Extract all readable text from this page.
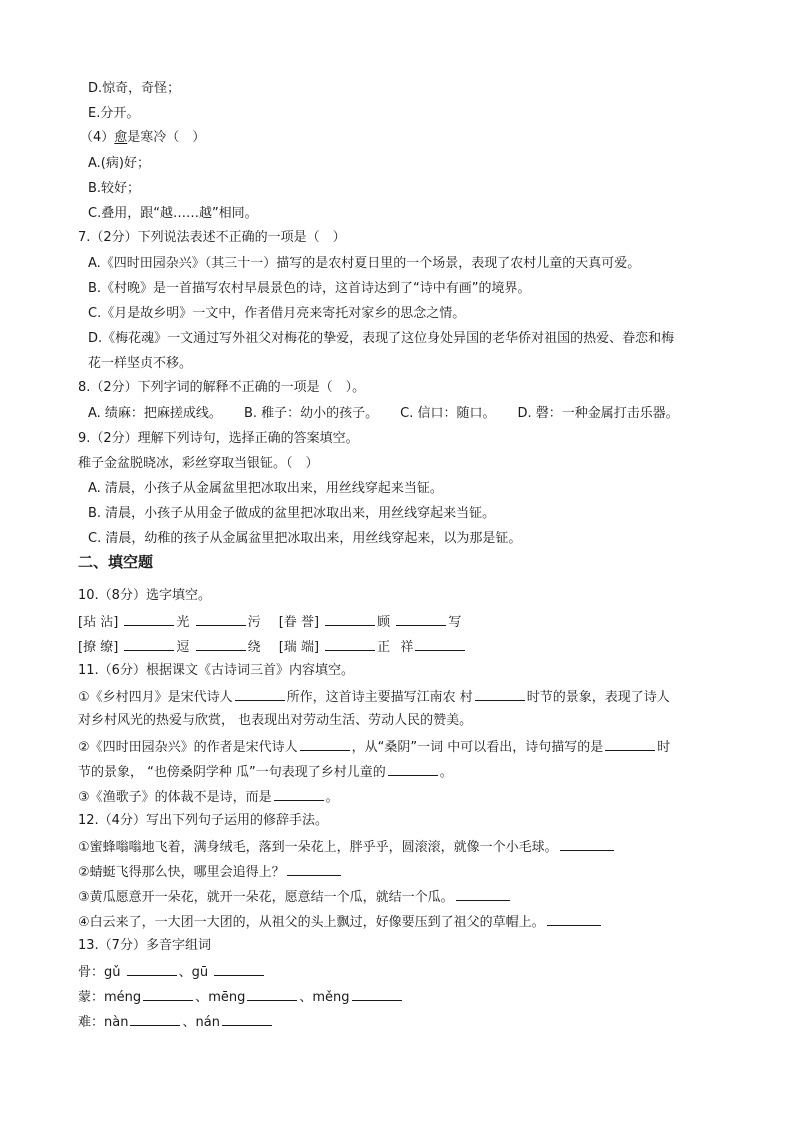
D.惊奇，奇怪；
E.分开。
（4）愈是寒冷（　）
A.(病)好；
B.较好；
C.叠用，跟“越……越”相同。
7.（2分）下列说法表述不正确的一项是（　）
A.《四时田园杂兴》（其三十一）描写的是农村夏日里的一个场景，表现了农村儿童的天真可爱。
B.《村晚》是一首描写农村早晨景色的诗，这首诗达到了“诗中有画”的境界。
C.《月是故乡明》一文中，作者借月亮来寄托对家乡的思念之情。
D.《梅花魂》一文通过写外祖父对梅花的挚爱，表现了这位身处异国的老华侨对祖国的热爱、眷恋和梅
花一样坚贞不移。
8.（2分）下列字词的解释不正确的一项是（　）。
A. 绩麻：把麻搓成线。 B. 稚子：幼小的孩子。 C. 信口：随口。 D. 磬：一种金属打击乐器。
9.（2分）理解下列诗句，选择正确的答案填空。
稚子金盆脱晓冰，彩丝穿取当银钲。（　）
A. 清晨，小孩子从金属盆里把冰取出来，用丝线穿起来当钲。
B. 清晨，小孩子从用金子做成的盆里把冰取出来，用丝线穿起来当钲。
C. 清晨，幼稚的孩子从金属盆里把冰取出来，用丝线穿起来，以为那是钲。
二、填空题
10.（8分）选字填空。
[玷 沾]	光	污 [眷 誉]	顾	写
[撩 缭]	逗	绕 [瑞 端]	正 祥
11.（6分）根据课文《古诗词三首》内容填空。
①《乡村四月》是宋代诗人	所作，这首诗主要描写江南农 村	时节的景象，表现了诗人
对乡村风光的热爱与欣赏， 也表现出对劳动生活、劳动人民的赞美。
②《四时田园杂兴》的作者是宋代诗人	，从“桑阴”一词 中可以看出，诗句描写的是	时
节的景象， “也傍桑阴学种 瓜”一句表现了乡村儿童的	。
③《渔歌子》的体裁不是诗，而是	。
12.（4分）写出下列句子运用的修辞手法。
①蜜蜂嗡嗡地飞着，满身绒毛，落到一朵花上，胖乎乎，圆滚滚，就像一个小毛球。
②蜻蜓飞得那么快，哪里会追得上？
③黄瓜愿意开一朵花，就开一朵花，愿意结一个瓜，就结一个瓜。
④白云来了，一大团一大团的，从祖父的头上飘过，好像要压到了祖父的草帽上。
13.（7分）多音字组词
骨：gǔ	、gū
蒙：méng	、mēng	、měng
难：nàn	、nán
